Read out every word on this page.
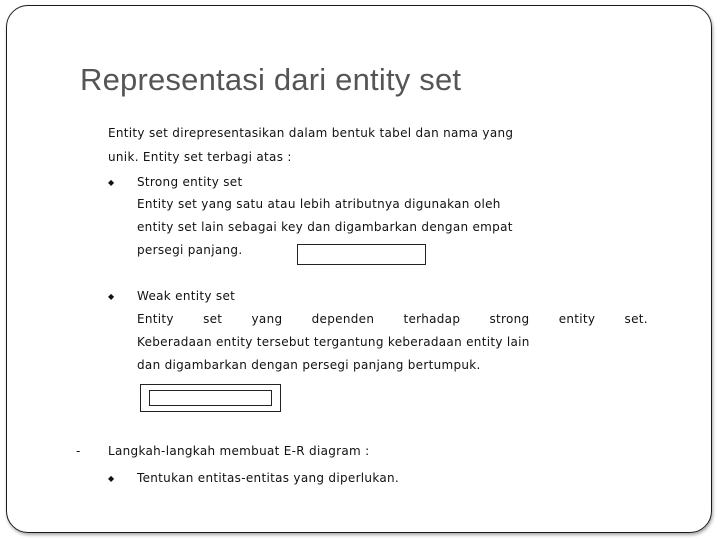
Representasi dari entity set
Entity set direpresentasikan dalam bentuk tabel dan nama yang
unik. Entity set terbagi atas :
◆ Strong entity set
Entity set yang satu atau lebih atributnya digunakan oleh
entity set lain sebagai key dan digambarkan dengan empat
persegi panjang.
◆ Weak entity set
Entity set yang dependen terhadap strong entity set.
Keberadaan entity tersebut tergantung keberadaan entity lain
dan digambarkan dengan persegi panjang bertumpuk.
- Langkah-langkah membuat E-R diagram :
◆ Tentukan entitas-entitas yang diperlukan.
